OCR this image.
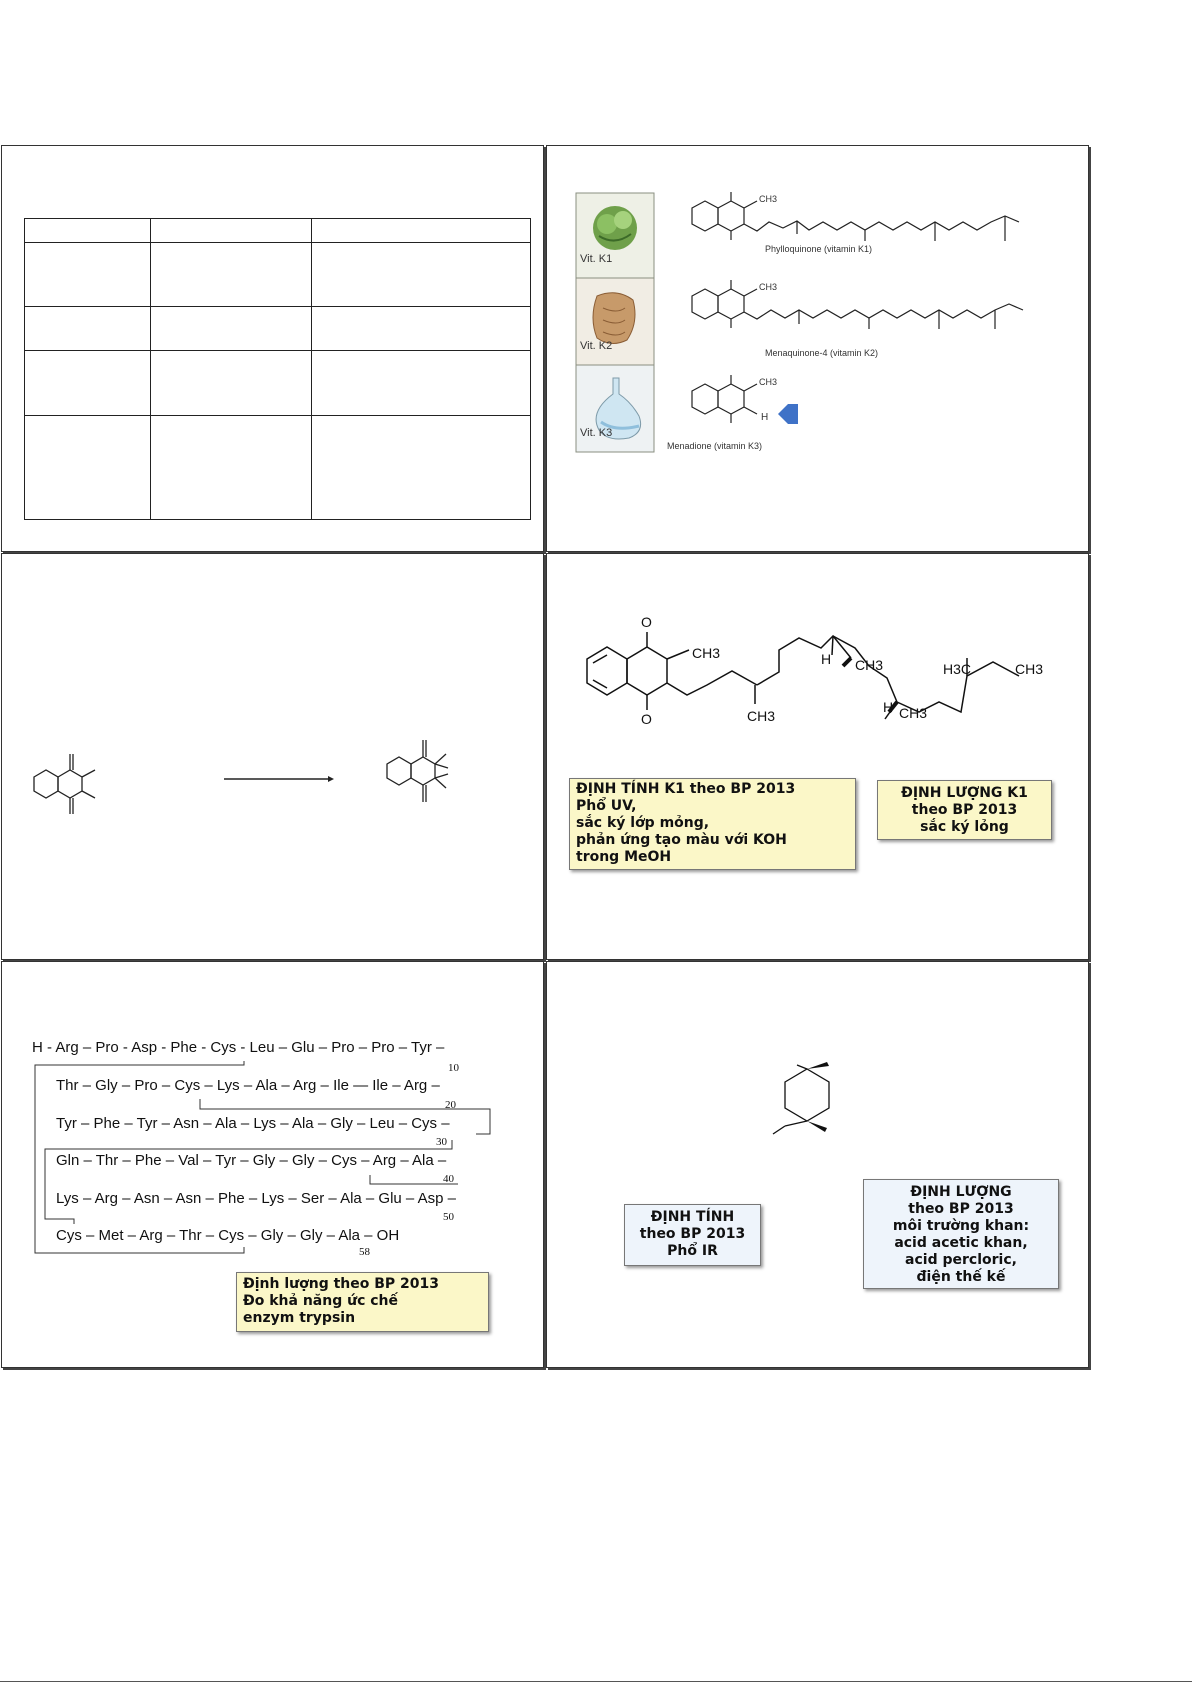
Vit. K1
Vit. K2
Vit. K3
CH3
Phylloquinone (vitamin K1)
CH3
Menaquinone-4 (vitamin K2)
CH3
H
Menadione (vitamin K3)
O
O
CH3
CH3
H CH3
H CH3
H3C	CH3
ĐỊNH TÍNH K1 theo BP 2013
Phổ UV,
sắc ký lớp mỏng,
phản ứng tạo màu với KOH
trong MeOH
ĐỊNH LƯỢNG K1
theo BP 2013
sắc ký lỏng
H - Arg – Pro - Asp - Phe - Cys - Leu – Glu – Pro – Pro – Tyr –
Thr – Gly – Pro – Cys – Lys – Ala – Arg – Ile — Ile – Arg –
Tyr – Phe – Tyr – Asn – Ala – Lys – Ala – Gly – Leu – Cys –
Gln – Thr – Phe – Val – Tyr – Gly – Gly – Cys – Arg – Ala –
Lys – Arg – Asn – Asn – Phe – Lys – Ser – Ala – Glu – Asp –
Cys – Met – Arg – Thr – Cys – Gly – Gly – Ala – OH
10
20
30
40
50
58
Định lượng theo BP 2013
Đo khả năng ức chế
enzym trypsin
ĐỊNH TÍNH
theo BP 2013
Phổ IR
ĐỊNH LƯỢNG
theo BP 2013
môi trường khan:
acid acetic khan,
acid percloric,
điện thế kế
